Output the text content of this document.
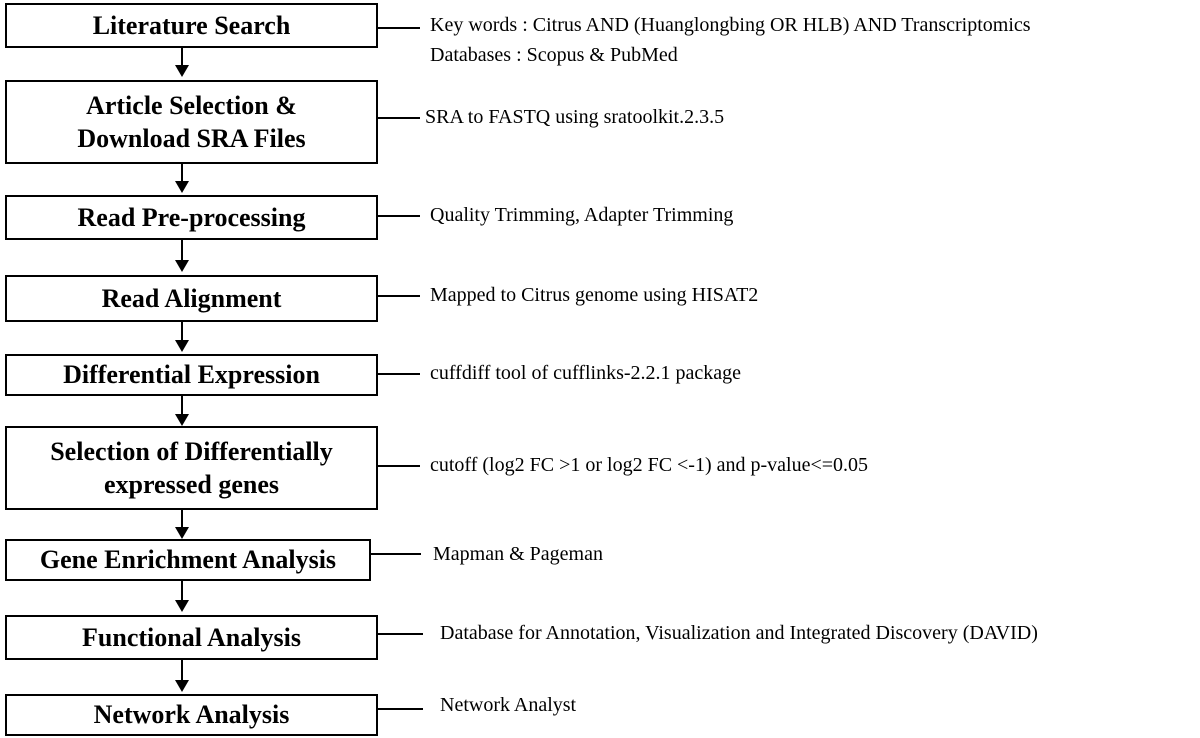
Literature Search	Key words : Citrus AND (Huanglongbing OR HLB) AND Transcriptomics
Databases : Scopus & PubMed
Article Selection &
Download SRA Files
SRA to FASTQ using sratoolkit.2.3.5
Read Pre-processing	Quality Trimming, Adapter Trimming
Read Alignment	Mapped to Citrus genome using HISAT2
Differential Expression	cuffdiff tool of cufflinks-2.2.1 package
Selection of Differentially
expressed genes
cutoff (log2 FC >1 or log2 FC <-1) and p-value<=0.05
Gene Enrichment Analysis	Mapman & Pageman
Functional Analysis	Database for Annotation, Visualization and Integrated Discovery (DAVID)
Network Analysis	Network Analyst
